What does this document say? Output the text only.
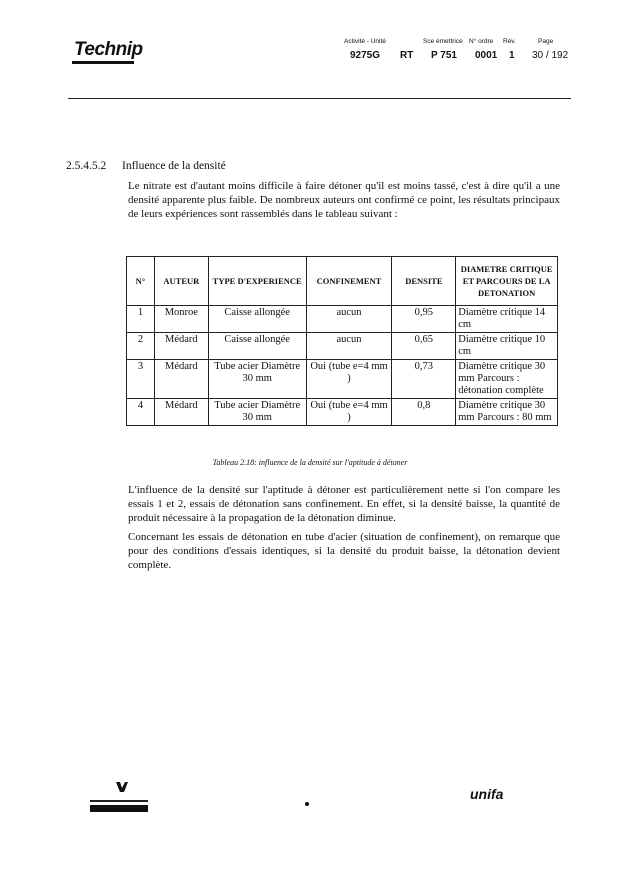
Technip	Activité - Unité	Sce émettrice N° ordre Rév.	Page
9275G RT P 751 0001 1 30 / 192
2.5.4.5.2 Influence de la densité
Le nitrate est d'autant moins difficile à faire détoner qu'il est moins tassé, c'est à dire qu'il a une densité apparente plus faible. De nombreux auteurs ont confirmé ce point, les résultats principaux de leurs expériences sont rassemblés dans le tableau suivant :
N°	AUTEUR	TYPE D'EXPERIENCE	CONFINEMENT	DENSITE	DIAMETRE CRITIQUE ET PARCOURS DE LA DETONATION
1	Monroe	Caisse allongée	aucun	0,95	Diamètre critique 14 cm
2	Médard	Caisse allongée	aucun	0,65	Diamètre critique 10 cm
3	Médard	Tube acier Diamètre 30 mm	Oui (tube e=4 mm )	0,73	Diamètre critique 30 mm Parcours : détonation complète
4	Médard	Tube acier Diamètre 30 mm	Oui (tube e=4 mm )	0,8	Diamètre critique 30 mm Parcours : 80 mm
Tableau 2.18: influence de la densité sur l'aptitude à détoner
L'influence de la densité sur l'aptitude à détoner est particulièrement nette si l'on compare les essais 1 et 2, essais de détonation sans confinement. En effet, si la densité baisse, la quantité de produit nécessaire à la propagation de la détonation diminue.
Concernant les essais de détonation en tube d'acier (situation de confinement), on remarque que pour des conditions d'essais identiques, si la densité du produit baisse, la détonation devient complète.
unifa
